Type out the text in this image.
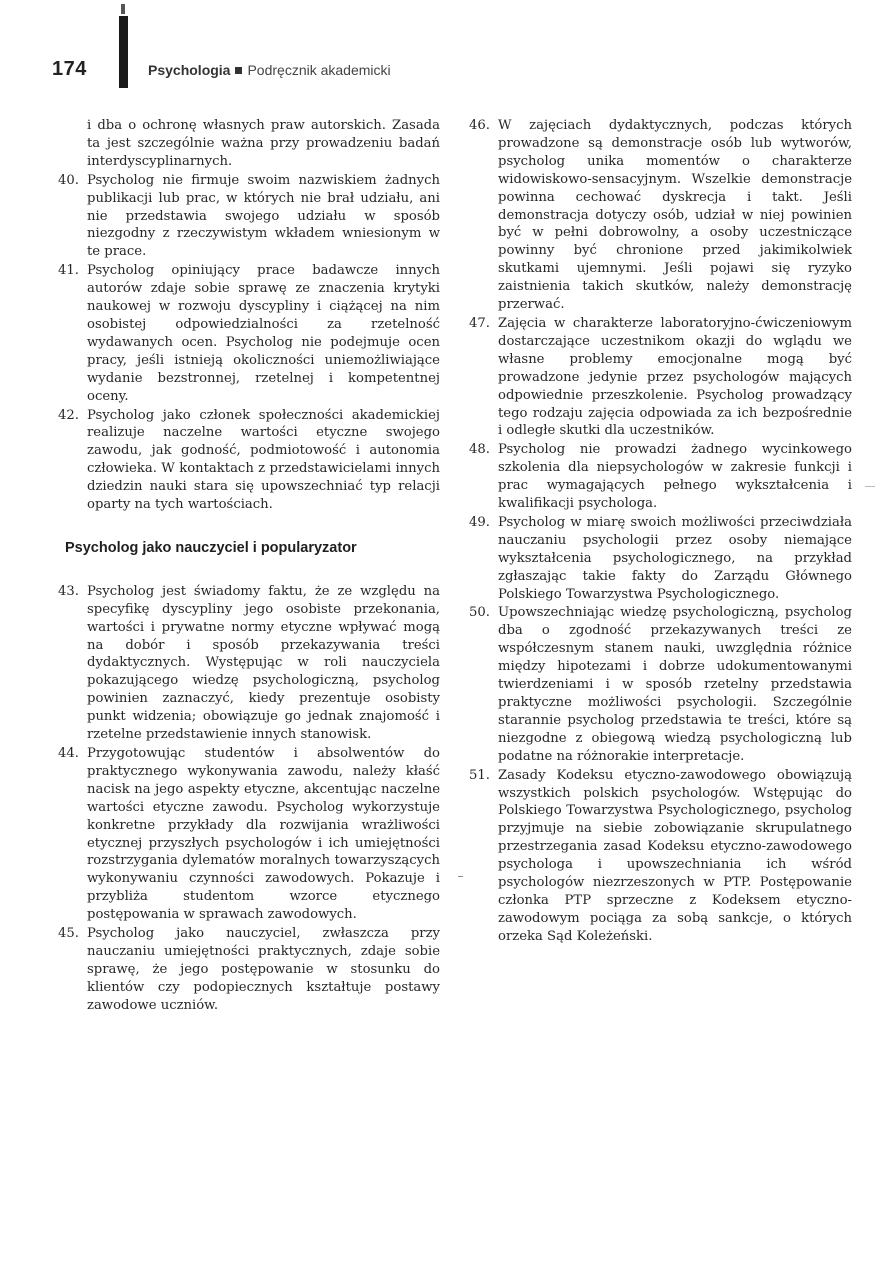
174	Psychologia Podręcznik akademicki
i dba o ochronę własnych praw autorskich. Zasada ta jest szczególnie ważna przy prowadzeniu badań interdyscyplinarnych.
40. Psycholog nie firmuje swoim nazwiskiem żadnych publikacji lub prac, w których nie brał udziału, ani nie przedstawia swojego udziału w sposób niezgodny z rzeczywistym wkładem wniesionym w te prace.
41. Psycholog opiniujący prace badawcze innych autorów zdaje sobie sprawę ze znaczenia krytyki naukowej w rozwoju dyscypliny i ciążącej na nim osobistej odpowiedzialności za rzetelność wydawanych ocen. Psycholog nie podejmuje ocen pracy, jeśli istnieją okoliczności uniemożliwiające wydanie bezstronnej, rzetelnej i kompetentnej oceny.
42. Psycholog jako członek społeczności akademickiej realizuje naczelne wartości etyczne swojego zawodu, jak godność, podmiotowość i autonomia człowieka. W kontaktach z przedstawicielami innych dziedzin nauki stara się upowszechniać typ relacji oparty na tych wartościach.
Psycholog jako nauczyciel i popularyzator
43. Psycholog jest świadomy faktu, że ze względu na specyfikę dyscypliny jego osobiste przekonania, wartości i prywatne normy etyczne wpływać mogą na dobór i sposób przekazywania treści dydaktycznych. Występując w roli nauczyciela pokazującego wiedzę psychologiczną, psycholog powinien zaznaczyć, kiedy prezentuje osobisty punkt widzenia; obowiązuje go jednak znajomość i rzetelne przedstawienie innych stanowisk.
44. Przygotowując studentów i absolwentów do praktycznego wykonywania zawodu, należy kłaść nacisk na jego aspekty etyczne, akcentując naczelne wartości etyczne zawodu. Psycholog wykorzystuje konkretne przykłady dla rozwijania wrażliwości etycznej przyszłych psychologów i ich umiejętności rozstrzygania dylematów moralnych towarzyszących wykonywaniu czynności zawodowych. Pokazuje i przybliża studentom wzorce etycznego postępowania w sprawach zawodowych.
45. Psycholog jako nauczyciel, zwłaszcza przy nauczaniu umiejętności praktycznych, zdaje sobie sprawę, że jego postępowanie w stosunku do klientów czy podopiecznych kształtuje postawy zawodowe uczniów.
46. W zajęciach dydaktycznych, podczas których prowadzone są demonstracje osób lub wytworów, psycholog unika momentów o charakterze widowiskowo-sensacyjnym. Wszelkie demonstracje powinna cechować dyskrecja i takt. Jeśli demonstracja dotyczy osób, udział w niej powinien być w pełni dobrowolny, a osoby uczestniczące powinny być chronione przed jakimikolwiek skutkami ujemnymi. Jeśli pojawi się ryzyko zaistnienia takich skutków, należy demonstrację przerwać.
47. Zajęcia w charakterze laboratoryjno-ćwiczeniowym dostarczające uczestnikom okazji do wglądu we własne problemy emocjonalne mogą być prowadzone jedynie przez psychologów mających odpowiednie przeszkolenie. Psycholog prowadzący tego rodzaju zajęcia odpowiada za ich bezpośrednie i odległe skutki dla uczestników.
48. Psycholog nie prowadzi żadnego wycinkowego szkolenia dla niepsychologów w zakresie funkcji i prac wymagających pełnego wykształcenia i kwalifikacji psychologa.
49. Psycholog w miarę swoich możliwości przeciwdziała nauczaniu psychologii przez osoby niemające wykształcenia psychologicznego, na przykład zgłaszając takie fakty do Zarządu Głównego Polskiego Towarzystwa Psychologicznego.
50. Upowszechniając wiedzę psychologiczną, psycholog dba o zgodność przekazywanych treści ze współczesnym stanem nauki, uwzględnia różnice między hipotezami i dobrze udokumentowanymi twierdzeniami i w sposób rzetelny przedstawia praktyczne możliwości psychologii. Szczególnie starannie psycholog przedstawia te treści, które są niezgodne z obiegową wiedzą psychologiczną lub podatne na różnorakie interpretacje.
51. Zasady Kodeksu etyczno-zawodowego obowiązują wszystkich polskich psychologów. Wstępując do Polskiego Towarzystwa Psychologicznego, psycholog przyjmuje na siebie zobowiązanie skrupulatnego przestrzegania zasad Kodeksu etyczno-zawodowego psychologa i upowszechniania ich wśród psychologów niezrzeszonych w PTP. Postępowanie członka PTP sprzeczne z Kodeksem etyczno-zawodowym pociąga za sobą sankcje, o których orzeka Sąd Koleżeński.
